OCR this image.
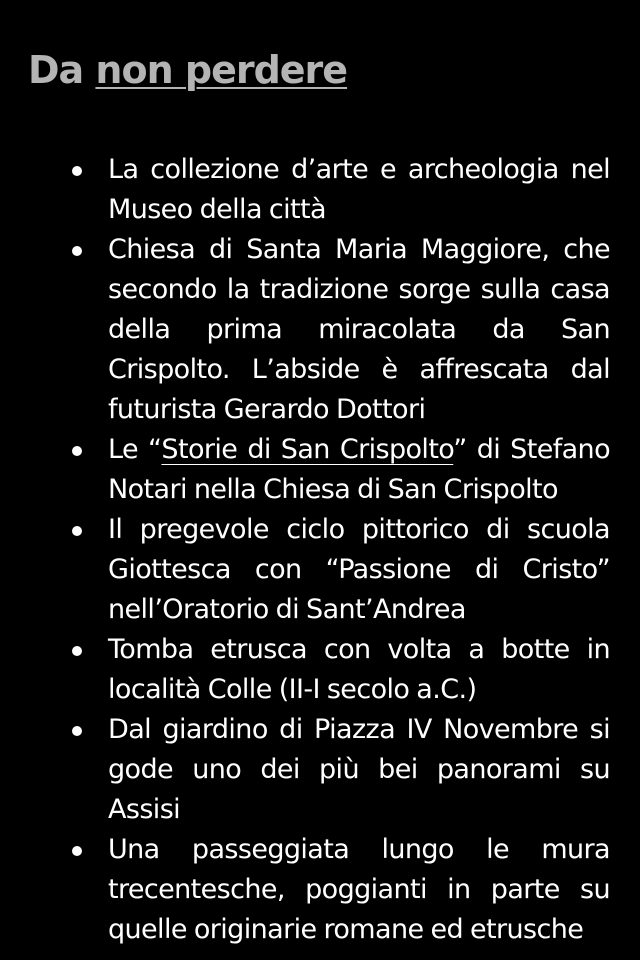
Da non perdere
La collezione d’arte e archeologia nel Museo della città
Chiesa di Santa Maria Maggiore, che secondo la tradizione sorge sulla casa della prima miracolata da San Crispolto. L’abside è affrescata dal futurista Gerardo Dottori
Le “Storie di San Crispolto” di Stefano Notari nella Chiesa di San Crispolto
Il pregevole ciclo pittorico di scuola Giottesca con “Passione di Cristo” nell’Oratorio di Sant’Andrea
Tomba etrusca con volta a botte in località Colle (II-I secolo a.C.)
Dal giardino di Piazza IV Novembre si gode uno dei più bei panorami su Assisi
Una passeggiata lungo le mura trecentesche, poggianti in parte su quelle originarie romane ed etrusche
